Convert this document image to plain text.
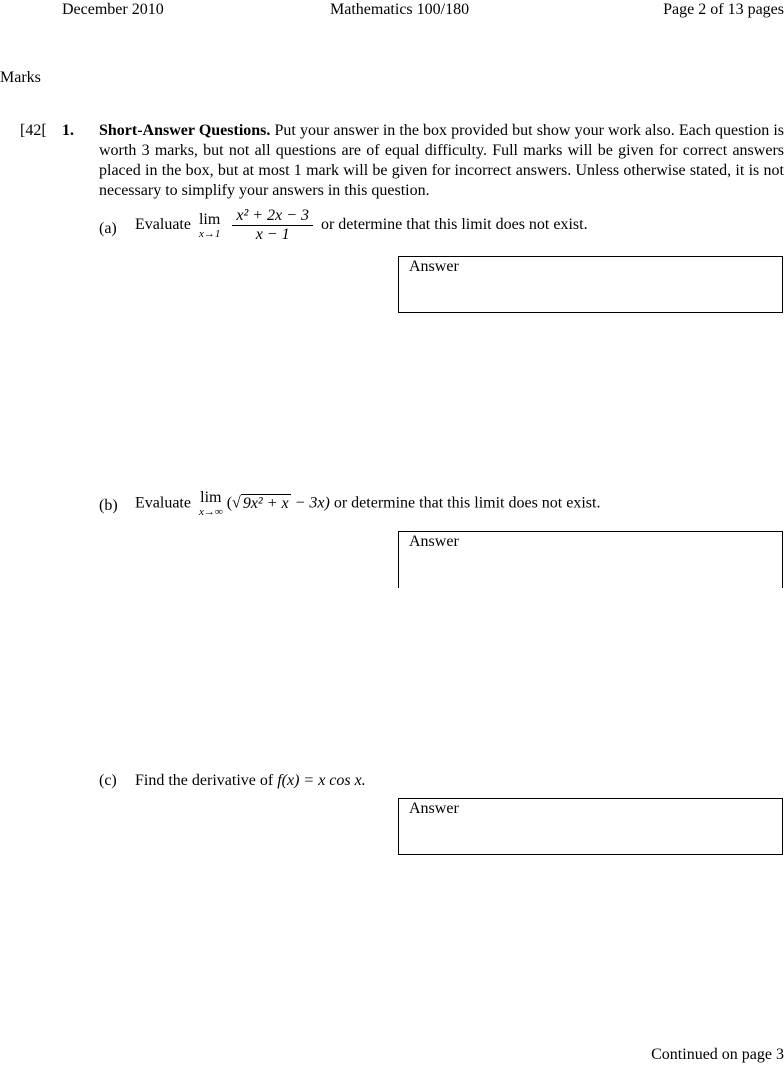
December 2010	Mathematics 100/180	Page 2 of 13 pages
Marks
[42[ 1. Short-Answer Questions. Put your answer in the box provided but show your work also. Each question is worth 3 marks, but not all questions are of equal difficulty. Full marks will be given for correct answers placed in the box, but at most 1 mark will be given for incorrect answers. Unless otherwise stated, it is not necessary to simplify your answers in this question.
(a) Evaluate lim
x→1
$\frac{\text{x² + 2x − 3}}{x - 1}$ or determine that this limit does not exist.
Answer
(b) Evaluate lim
x→∞
(√ 9x² + x − 3x) or determine that this limit does not exist.
Answer
(c) Find the derivative of f(x) = x cos x.
Answer
Continued on page 3
